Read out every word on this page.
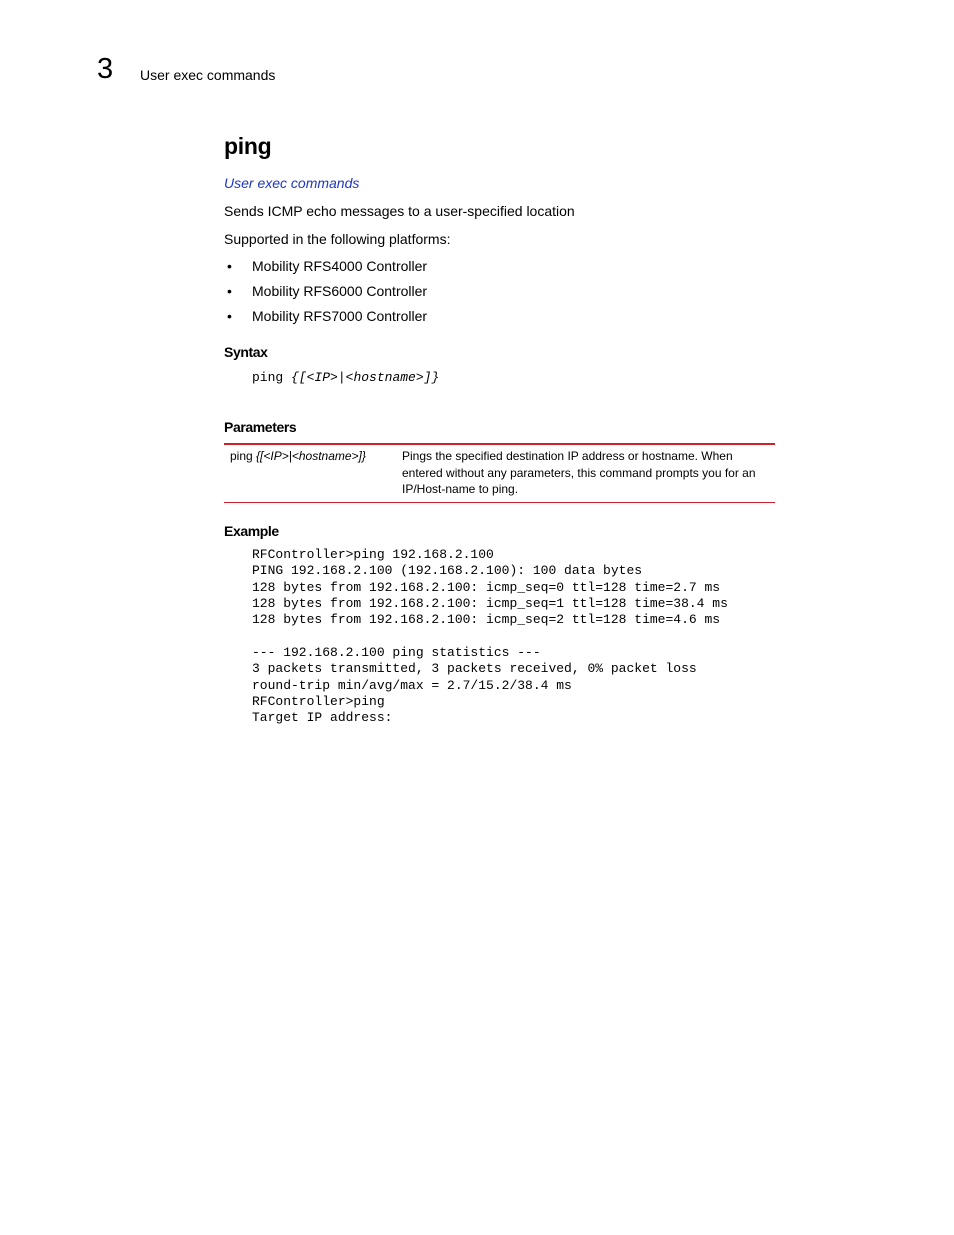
3 User exec commands
ping
User exec commands
Sends ICMP echo messages to a user-specified location
Supported in the following platforms:
• Mobility RFS4000 Controller
• Mobility RFS6000 Controller
• Mobility RFS7000 Controller
Syntax
ping {[<IP>|<hostname>]}
Parameters
ping {[<IP>|<hostname>]}	Pings the specified destination IP address or hostname. When entered without any parameters, this command prompts you for an IP/Host-name to ping.
Example
RFController>ping 192.168.2.100
PING 192.168.2.100 (192.168.2.100): 100 data bytes
128 bytes from 192.168.2.100: icmp_seq=0 ttl=128 time=2.7 ms
128 bytes from 192.168.2.100: icmp_seq=1 ttl=128 time=38.4 ms
128 bytes from 192.168.2.100: icmp_seq=2 ttl=128 time=4.6 ms

--- 192.168.2.100 ping statistics ---
3 packets transmitted, 3 packets received, 0% packet loss
round-trip min/avg/max = 2.7/15.2/38.4 ms
RFController>ping
Target IP address:
